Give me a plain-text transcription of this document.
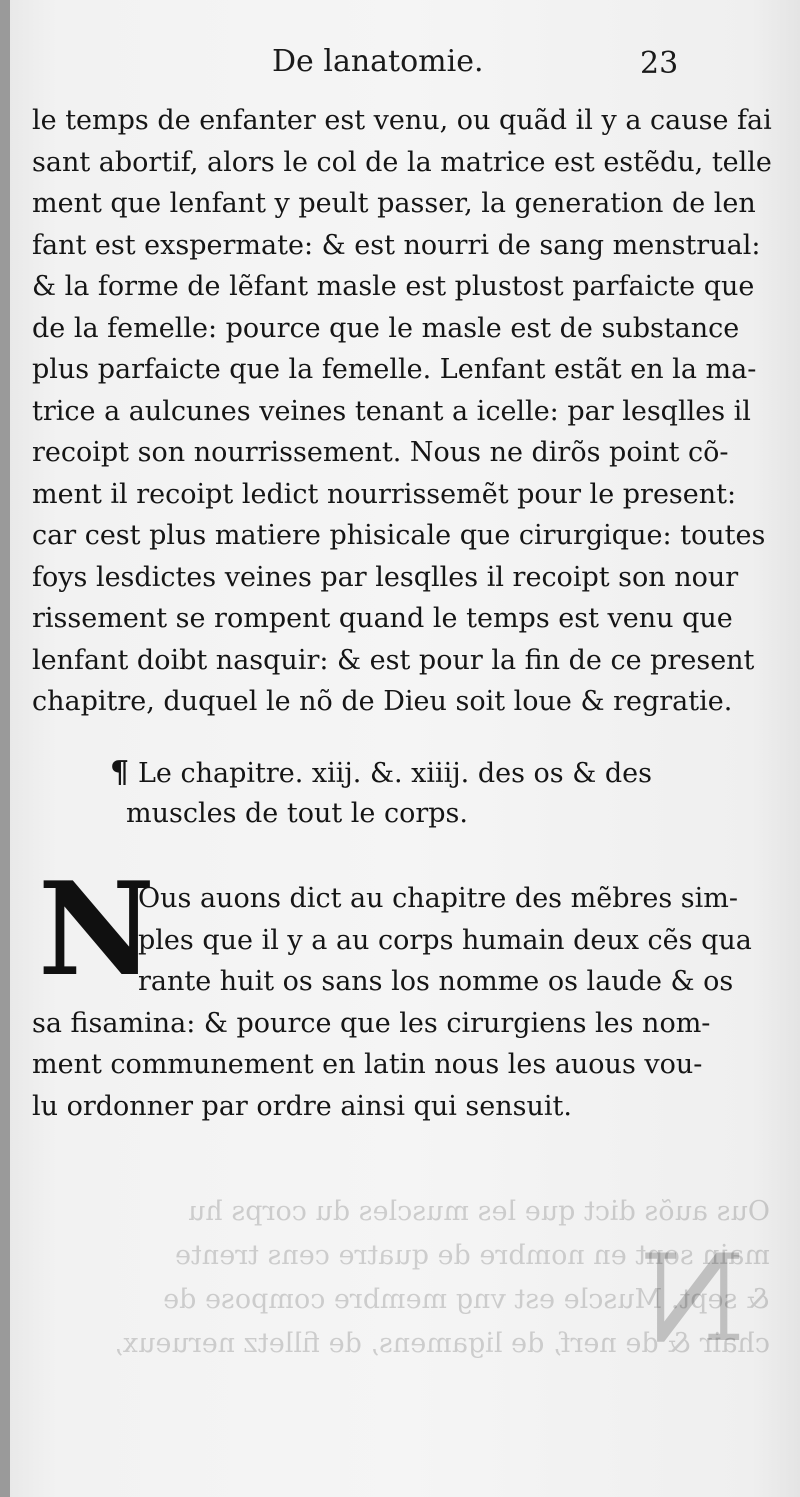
Ous auõs dict que les muscles du corps hu
main sont en nombre de quatre cens trente
& sept. Muscle est vng membre compose de
chair & de nerf, de ligamens, de filletz nerueux,
N
De lanatomie.	23
le temps de enfanter est venu, ou quãd il y a cause fai
sant abortif, alors le col de la matrice est estẽdu, telle
ment que lenfant y peult passer, la generation de len
fant est exspermate: & est nourri de sang menstrual:
& la forme de lẽfant masle est plustost parfaicte que
de la femelle: pource que le masle est de substance
plus parfaicte que la femelle. Lenfant estãt en la ma-
trice a aulcunes veines tenant a icelle: par lesqlles il
recoipt son nourrissement. Nous ne dirõs point cõ-
ment il recoipt ledict nourrissemẽt pour le present:
car cest plus matiere phisicale que cirurgique: toutes
foys lesdictes veines par lesqlles il recoipt son nour
rissement se rompent quand le temps est venu que
lenfant doibt nasquir: & est pour la fin de ce present
chapitre, duquel le nõ de Dieu soit loue & regratie.
¶ Le chapitre. xiij. &. xiiij. des os & des
muscles de tout le corps.
N
Ous auons dict au chapitre des mẽbres sim-
ples que il y a au corps humain deux cẽs qua
rante huit os sans los nomme os laude & os
sa fisamina: & pource que les cirurgiens les nom-
ment communement en latin nous les auous vou-
lu ordonner par ordre ainsi qui sensuit.
